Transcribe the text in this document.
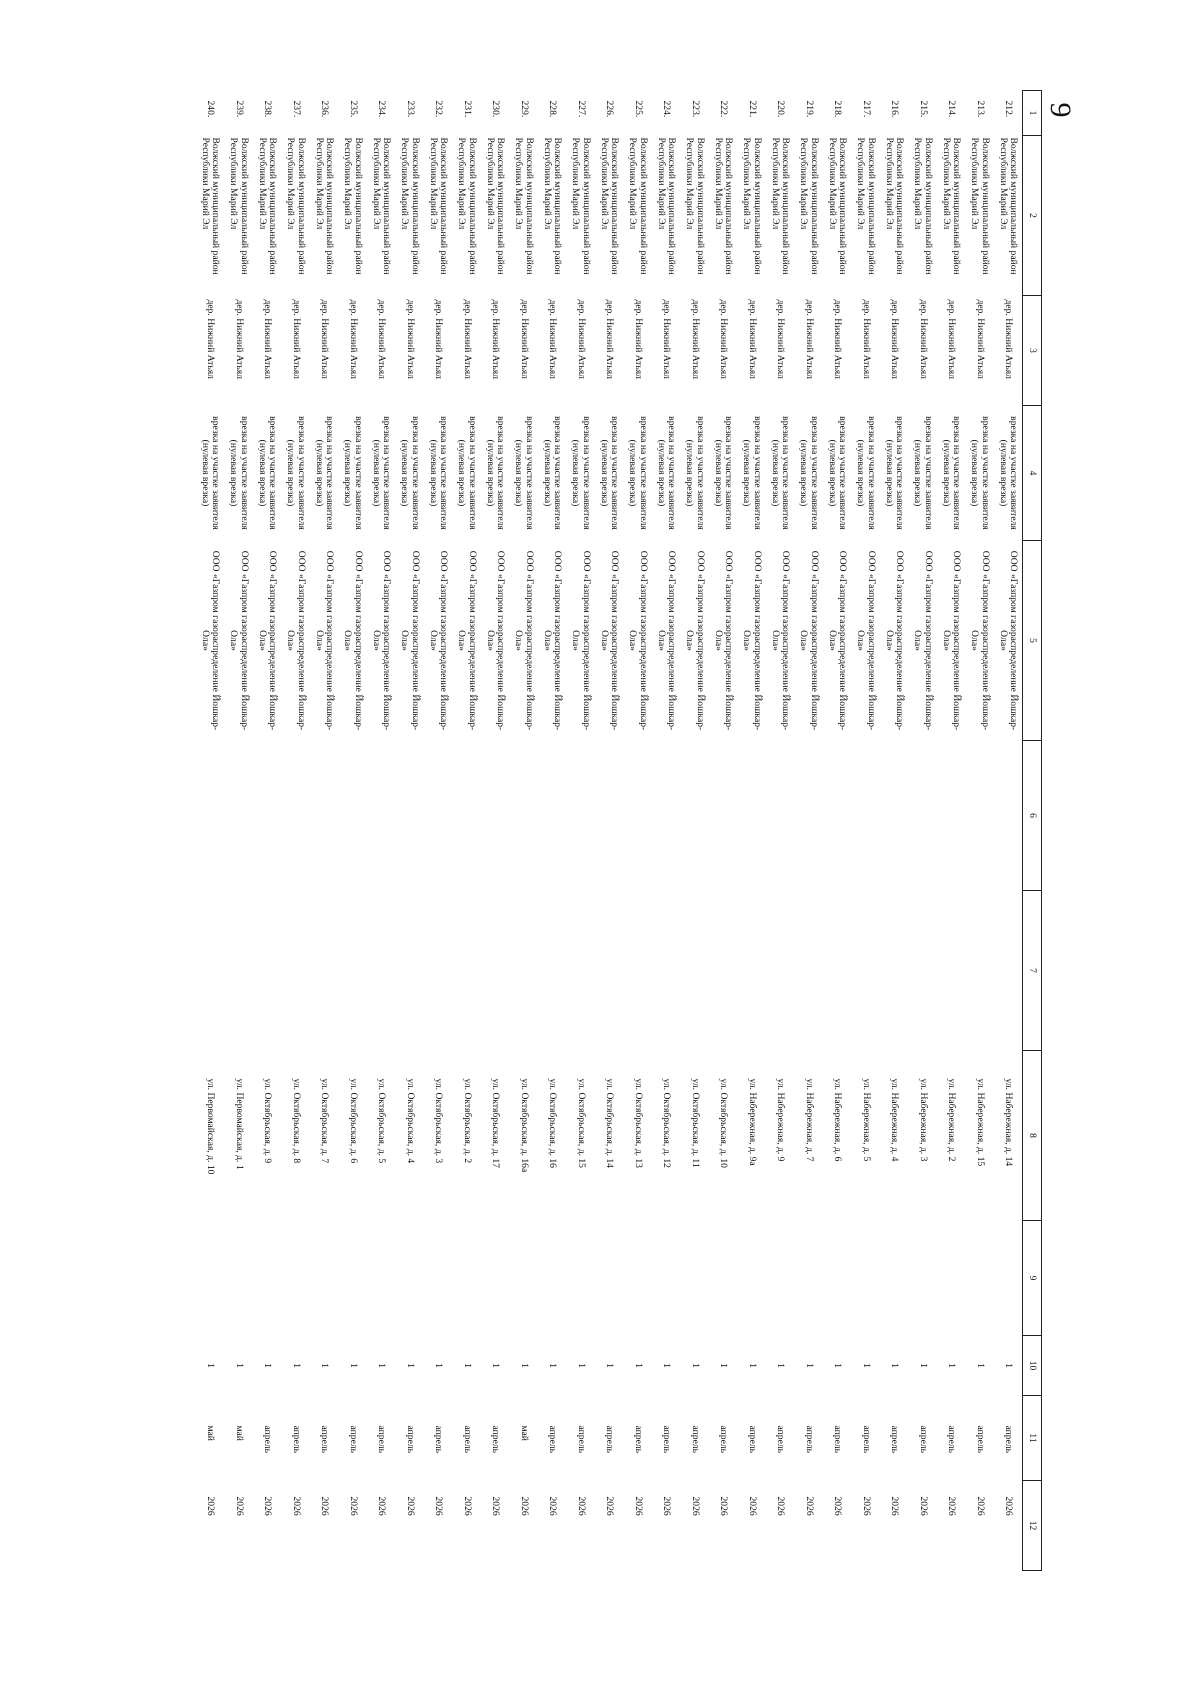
9
1	2	3	4	5	6	7	8	9	10	11	12
212.	Волжский муниципальный район Республики Марий Эл	дер. Нижний Атьял	врезка на участке заявителя (нулевая врезка)	ООО «Газпром газораспределение Йошкар-Ола»			ул. Набережная, д. 14		1	апрель	2026
213.	Волжский муниципальный район Республики Марий Эл	дер. Нижний Атьял	врезка на участке заявителя (нулевая врезка)	ООО «Газпром газораспределение Йошкар-Ола»			ул. Набережная, д. 15		1	апрель	2026
214.	Волжский муниципальный район Республики Марий Эл	дер. Нижний Атьял	врезка на участке заявителя (нулевая врезка)	ООО «Газпром газораспределение Йошкар-Ола»			ул. Набережная, д. 2		1	апрель	2026
215.	Волжский муниципальный район Республики Марий Эл	дер. Нижний Атьял	врезка на участке заявителя (нулевая врезка)	ООО «Газпром газораспределение Йошкар-Ола»			ул. Набережная, д. 3		1	апрель	2026
216.	Волжский муниципальный район Республики Марий Эл	дер. Нижний Атьял	врезка на участке заявителя (нулевая врезка)	ООО «Газпром газораспределение Йошкар-Ола»			ул. Набережная, д. 4		1	апрель	2026
217.	Волжский муниципальный район Республики Марий Эл	дер. Нижний Атьял	врезка на участке заявителя (нулевая врезка)	ООО «Газпром газораспределение Йошкар-Ола»			ул. Набережная, д. 5		1	апрель	2026
218.	Волжский муниципальный район Республики Марий Эл	дер. Нижний Атьял	врезка на участке заявителя (нулевая врезка)	ООО «Газпром газораспределение Йошкар-Ола»			ул. Набережная, д. 6		1	апрель	2026
219.	Волжский муниципальный район Республики Марий Эл	дер. Нижний Атьял	врезка на участке заявителя (нулевая врезка)	ООО «Газпром газораспределение Йошкар-Ола»			ул. Набережная, д. 7		1	апрель	2026
220.	Волжский муниципальный район Республики Марий Эл	дер. Нижний Атьял	врезка на участке заявителя (нулевая врезка)	ООО «Газпром газораспределение Йошкар-Ола»			ул. Набережная, д. 9		1	апрель	2026
221.	Волжский муниципальный район Республики Марий Эл	дер. Нижний Атьял	врезка на участке заявителя (нулевая врезка)	ООО «Газпром газораспределение Йошкар-Ола»			ул. Набережная, д. 9а		1	апрель	2026
222.	Волжский муниципальный район Республики Марий Эл	дер. Нижний Атьял	врезка на участке заявителя (нулевая врезка)	ООО «Газпром газораспределение Йошкар-Ола»			ул. Октябрьская, д. 10		1	апрель	2026
223.	Волжский муниципальный район Республики Марий Эл	дер. Нижний Атьял	врезка на участке заявителя (нулевая врезка)	ООО «Газпром газораспределение Йошкар-Ола»			ул. Октябрьская, д. 11		1	апрель	2026
224.	Волжский муниципальный район Республики Марий Эл	дер. Нижний Атьял	врезка на участке заявителя (нулевая врезка)	ООО «Газпром газораспределение Йошкар-Ола»			ул. Октябрьская, д. 12		1	апрель	2026
225.	Волжский муниципальный район Республики Марий Эл	дер. Нижний Атьял	врезка на участке заявителя (нулевая врезка)	ООО «Газпром газораспределение Йошкар-Ола»			ул. Октябрьская, д. 13		1	апрель	2026
226.	Волжский муниципальный район Республики Марий Эл	дер. Нижний Атьял	врезка на участке заявителя (нулевая врезка)	ООО «Газпром газораспределение Йошкар-Ола»			ул. Октябрьская, д. 14		1	апрель	2026
227.	Волжский муниципальный район Республики Марий Эл	дер. Нижний Атьял	врезка на участке заявителя (нулевая врезка)	ООО «Газпром газораспределение Йошкар-Ола»			ул. Октябрьская, д. 15		1	апрель	2026
228.	Волжский муниципальный район Республики Марий Эл	дер. Нижний Атьял	врезка на участке заявителя (нулевая врезка)	ООО «Газпром газораспределение Йошкар-Ола»			ул. Октябрьская, д. 16		1	апрель	2026
229.	Волжский муниципальный район Республики Марий Эл	дер. Нижний Атьял	врезка на участке заявителя (нулевая врезка)	ООО «Газпром газораспределение Йошкар-Ола»			ул. Октябрьская, д. 16а		1	май	2026
230.	Волжский муниципальный район Республики Марий Эл	дер. Нижний Атьял	врезка на участке заявителя (нулевая врезка)	ООО «Газпром газораспределение Йошкар-Ола»			ул. Октябрьская, д. 17		1	апрель	2026
231.	Волжский муниципальный район Республики Марий Эл	дер. Нижний Атьял	врезка на участке заявителя (нулевая врезка)	ООО «Газпром газораспределение Йошкар-Ола»			ул. Октябрьская, д. 2		1	апрель	2026
232.	Волжский муниципальный район Республики Марий Эл	дер. Нижний Атьял	врезка на участке заявителя (нулевая врезка)	ООО «Газпром газораспределение Йошкар-Ола»			ул. Октябрьская, д. 3		1	апрель	2026
233.	Волжский муниципальный район Республики Марий Эл	дер. Нижний Атьял	врезка на участке заявителя (нулевая врезка)	ООО «Газпром газораспределение Йошкар-Ола»			ул. Октябрьская, д. 4		1	апрель	2026
234.	Волжский муниципальный район Республики Марий Эл	дер. Нижний Атьял	врезка на участке заявителя (нулевая врезка)	ООО «Газпром газораспределение Йошкар-Ола»			ул. Октябрьская, д. 5		1	апрель	2026
235.	Волжский муниципальный район Республики Марий Эл	дер. Нижний Атьял	врезка на участке заявителя (нулевая врезка)	ООО «Газпром газораспределение Йошкар-Ола»			ул. Октябрьская, д. 6		1	апрель	2026
236.	Волжский муниципальный район Республики Марий Эл	дер. Нижний Атьял	врезка на участке заявителя (нулевая врезка)	ООО «Газпром газораспределение Йошкар-Ола»			ул. Октябрьская, д. 7		1	апрель	2026
237.	Волжский муниципальный район Республики Марий Эл	дер. Нижний Атьял	врезка на участке заявителя (нулевая врезка)	ООО «Газпром газораспределение Йошкар-Ола»			ул. Октябрьская, д. 8		1	апрель	2026
238.	Волжский муниципальный район Республики Марий Эл	дер. Нижний Атьял	врезка на участке заявителя (нулевая врезка)	ООО «Газпром газораспределение Йошкар-Ола»			ул. Октябрьская, д. 9		1	апрель	2026
239.	Волжский муниципальный район Республики Марий Эл	дер. Нижний Атьял	врезка на участке заявителя (нулевая врезка)	ООО «Газпром газораспределение Йошкар-Ола»			ул. Первомайская, д. 1		1	май	2026
240.	Волжский муниципальный район Республики Марий Эл	дер. Нижний Атьял	врезка на участке заявителя (нулевая врезка)	ООО «Газпром газораспределение Йошкар-Ола»			ул. Первомайская, д. 10		1	май	2026
